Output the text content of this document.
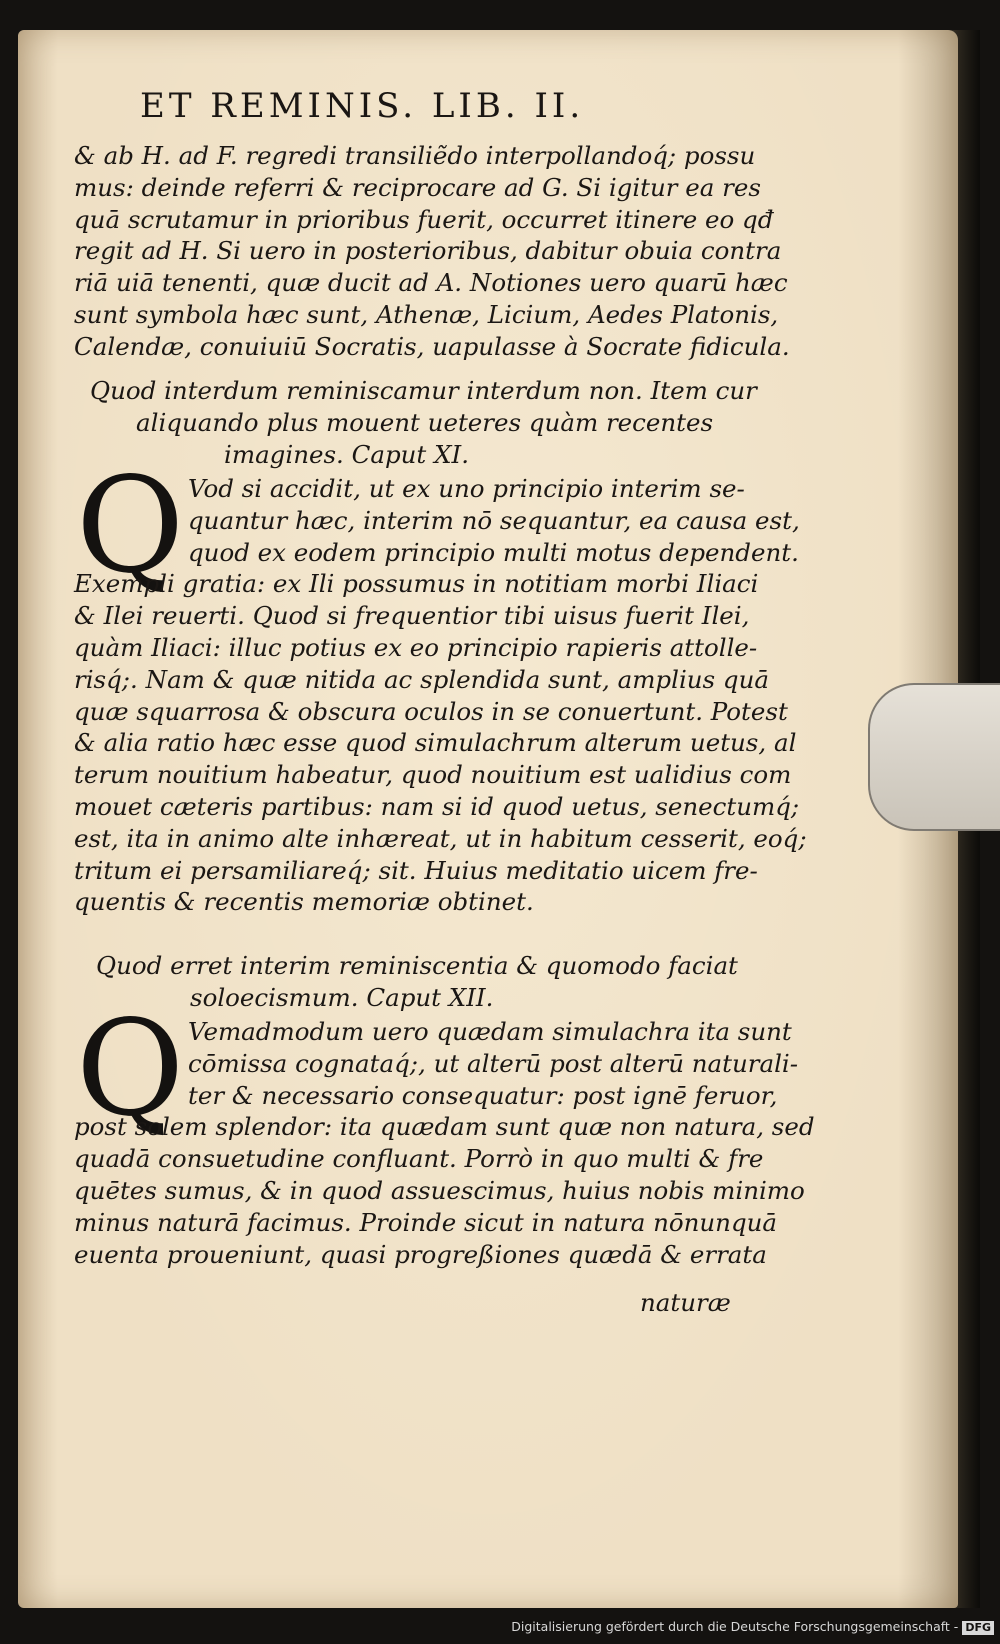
ET REMINIS. LIB. II.
& ab H. ad F. regredi transiliẽdo interpollandoq́; possu
mus: deinde referri & reciprocare ad G. Si igitur ea res
quā scrutamur in prioribus fuerit, occurret itinere eo qđ
regit ad H. Si uero in posterioribus, dabitur obuia contra
riā uiā tenenti, quæ ducit ad A. Notiones uero quarū hæc
sunt symbola hæc sunt, Athenæ, Licium, Aedes Platonis,
Calendæ, conuiuiū Socratis, uapulasse à Socrate fidicula.
Quod interdum reminiscamur interdum non. Item cur
aliquando plus mouent ueteres quàm recentes
imagines. Caput XI.
Q Vod si accidit, ut ex uno principio interim se-
quantur hæc, interim nō sequantur, ea causa est,
quod ex eodem principio multi motus dependent.
Exempli gratia: ex Ili possumus in notitiam morbi Iliaci
& Ilei reuerti. Quod si frequentior tibi uisus fuerit Ilei,
quàm Iliaci: illuc potius ex eo principio rapieris attolle-
risq́;. Nam & quæ nitida ac splendida sunt, amplius quā
quæ squarrosa & obscura oculos in se conuertunt. Potest
& alia ratio hæc esse quod simulachrum alterum uetus, al
terum nouitium habeatur, quod nouitium est ualidius com
mouet cæteris partibus: nam si id quod uetus, senectumq́;
est, ita in animo alte inhæreat, ut in habitum cesserit, eoq́;
tritum ei persamiliareq́; sit. Huius meditatio uicem fre-
quentis & recentis memoriæ obtinet.
Quod erret interim reminiscentia & quomodo faciat
soloecismum. Caput XII.
Q Vemadmodum uero quædam simulachra ita sunt
cōmissa cognataq́;, ut alterū post alterū naturali-
ter & necessario consequatur: post ignē feruor,
post solem splendor: ita quædam sunt quæ non natura, sed
quadā consuetudine confluant. Porrò in quo multi & fre
quētes sumus, & in quod assuescimus, huius nobis minimo
minus naturā facimus. Proinde sicut in natura nōnunquā
euenta proueniunt, quasi progreßiones quædā & errata
naturæ
Digitalisierung gefördert durch die Deutsche Forschungsgemeinschaft - DFG
